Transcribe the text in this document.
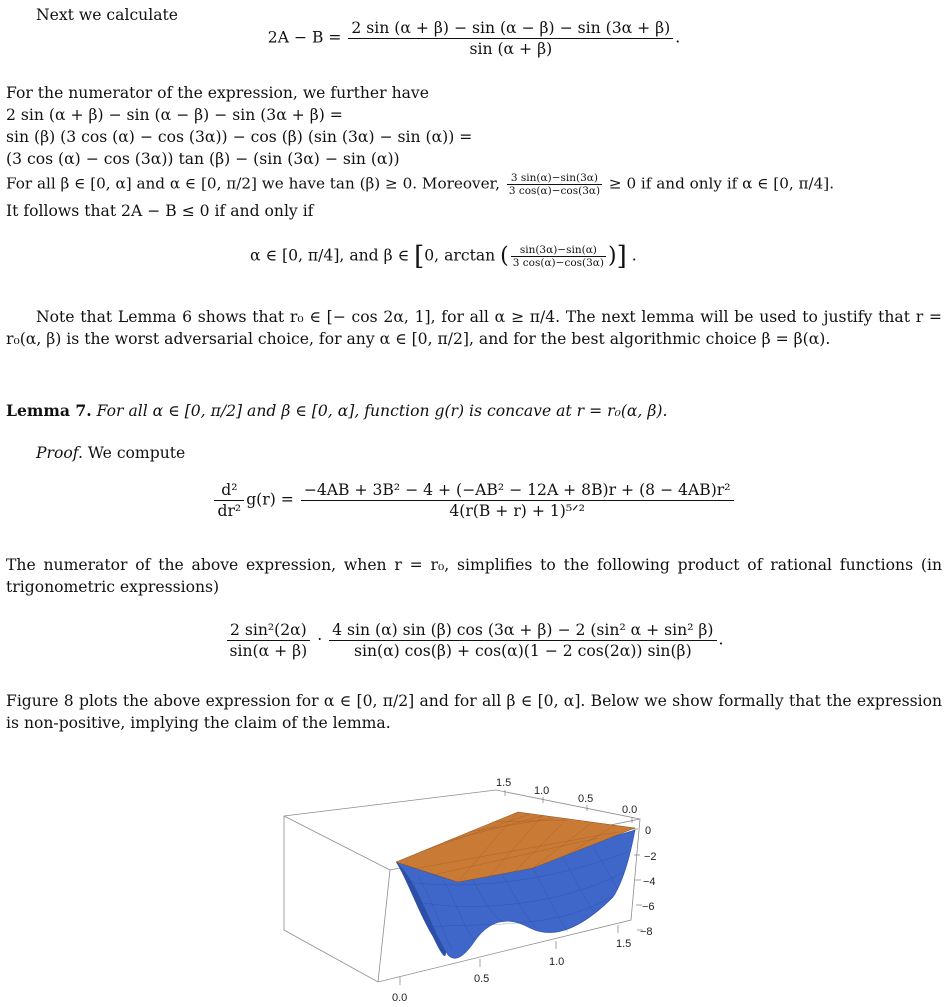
Next we calculate

$2A - B = \frac{2 \sin (\alpha + \beta) - \sin (\alpha - \beta) - \sin (3\alpha + \beta)}{\sin (\alpha + \beta)}$ .

For the numerator of the expression, we further have

2 sin (α + β) − sin (α − β) − sin (3α + β) =

sin (β) (3 cos (α) − cos (3α)) − cos (β) (sin (3α) − sin (α)) =

(3 cos (α) − cos (3α)) tan (β) − (sin (3α) − sin (α))

For all β ∈ [0, α] and α ∈ [0, π/2] we have tan (β) ≥ 0. Moreover, $\frac{3 \sin(\alpha)-\sin(3\alpha)}{3 \cos(\alpha)-\cos(3\alpha)} \ge 0$ if and only if α ∈ [0, π/4].

It follows that 2A − B ≤ 0 if and only if

α ∈ [0, π/4], and β ∈ [0, arctan ( $\frac{\sin(3\alpha)-\sin(\alpha)}{3 \cos(\alpha)-\cos(3\alpha)}$ )] .

Note that Lemma 6 shows that r₀ ∈ [− cos 2α, 1], for all α ≥ π/4. The next lemma will be used to justify that r = r₀(α, β) is the worst adversarial choice, for any α ∈ [0, π/2], and for the best algorithmic choice β = β(α).

Lemma 7. For all α ∈ [0, π/2] and β ∈ [0, α], function g(r) is concave at r = r₀(α, β).

Proof. We compute

$\frac{\text{d²}}{\text{dr²}} g(r) = \frac{\text{−4AB + 3B² − 4 + (−AB² − 12A + 8B)r + (8 − 4AB)r²}}{\text{4(r(B + r) + 1)⁵ᐟ²}}$

The numerator of the above expression, when r = r₀, simplifies to the following product of rational functions (in trigonometric expressions)

$\frac{\text{2 sin²(2α)}}{\sin(\alpha + \beta)} \cdot \frac{\text{4 sin (α) sin (β) cos (3α + β) − 2 (sin² α + sin² β)}}{\sin(\alpha) \cos(\beta) + \cos(\alpha)(1 - 2 \cos(2\alpha)) \sin(\beta)}$ .

Figure 8 plots the above expression for α ∈ [0, π/2] and for all β ∈ [0, α]. Below we show formally that the expression is non-positive, implying the claim of the lemma.

1.5
1.0
0.5
0.0
0
−2
−4
−6
−8
0.0
0.5
1.0
1.5
